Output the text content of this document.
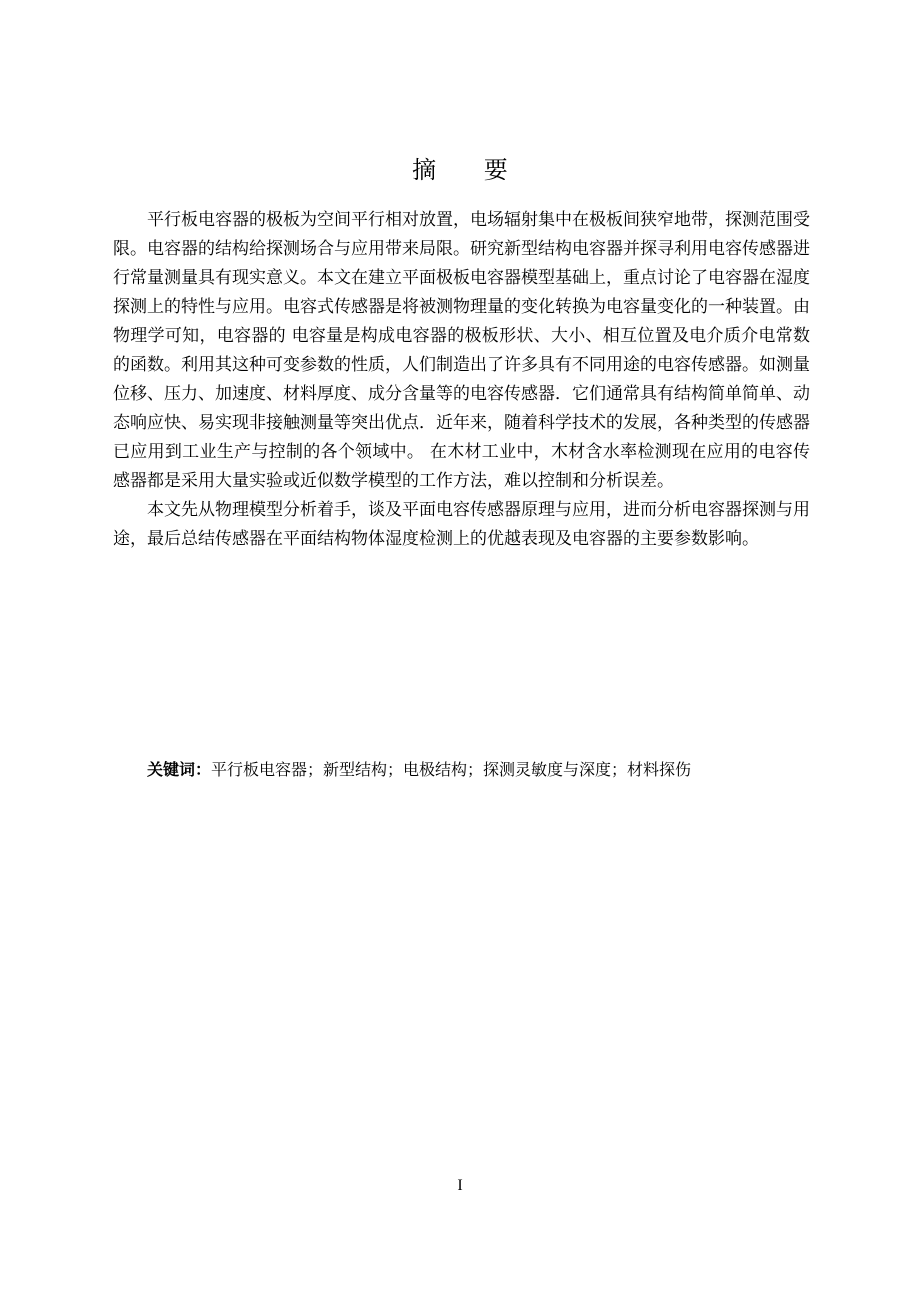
摘 要

平行板电容器的极板为空间平行相对放置，电场辐射集中在极板间狭窄地带，探测范围受限。电容器的结构给探测场合与应用带来局限。研究新型结构电容器并探寻利用电容传感器进行常量测量具有现实意义。本文在建立平面极板电容器模型基础上，重点讨论了电容器在湿度探测上的特性与应用。电容式传感器是将被测物理量的变化转换为电容量变化的一种装置。由物理学可知，电容器的 电容量是构成电容器的极板形状、大小、相互位置及电介质介电常数的函数。利用其这种可变参数的性质，人们制造出了许多具有不同用途的电容传感器。如测量位移、压力、加速度、材料厚度、成分含量等的电容传感器．它们通常具有结构简单简单、动态响应快、易实现非接触测量等突出优点．近年来，随着科学技术的发展，各种类型的传感器已应用到工业生产与控制的各个领域中。 在木材工业中，木材含水率检测现在应用的电容传感器都是采用大量实验或近似数学模型的工作方法，难以控制和分析误差。

本文先从物理模型分析着手，谈及平面电容传感器原理与应用，进而分析电容器探测与用途，最后总结传感器在平面结构物体湿度检测上的优越表现及电容器的主要参数影响。

关键词：平行板电容器；新型结构；电极结构；探测灵敏度与深度；材料探伤

I
